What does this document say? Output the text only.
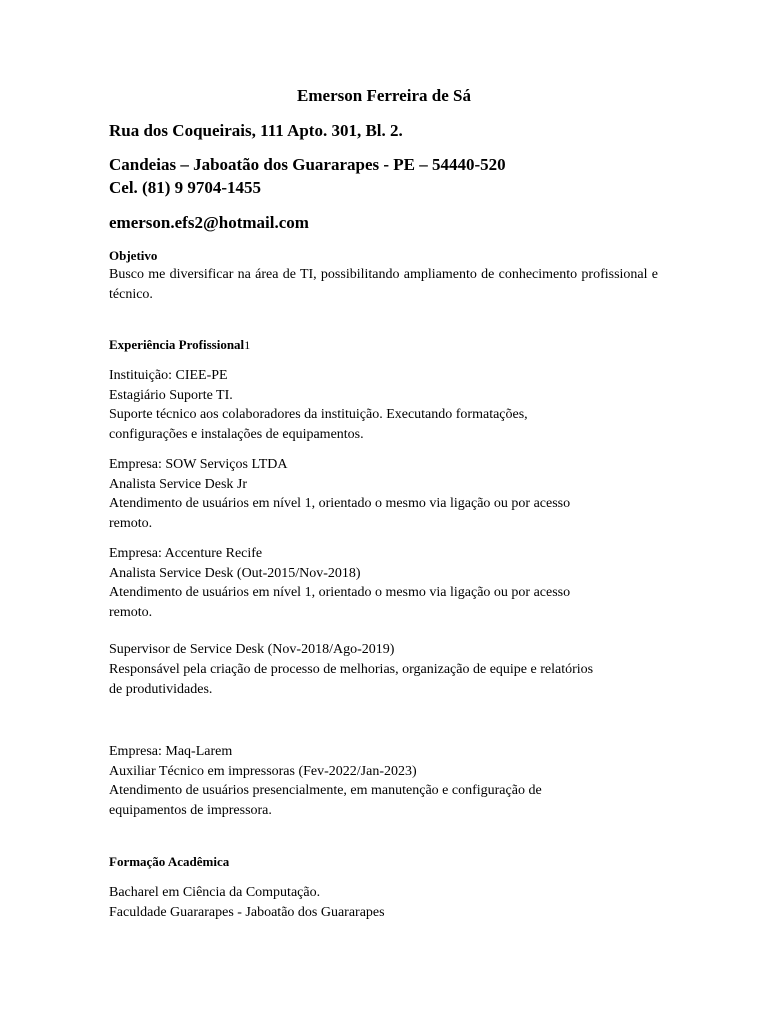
Emerson Ferreira de Sá
Rua dos Coqueirais, 111 Apto. 301, Bl. 2.
Candeias – Jaboatão dos Guararapes - PE – 54440-520
Cel. (81) 9 9704-1455
emerson.efs2@hotmail.com
Objetivo
Busco me diversificar na área de TI, possibilitando ampliamento de conhecimento profissional e técnico.
Experiência Profissional1
Instituição: CIEE-PE
Estagiário Suporte TI.
Suporte técnico aos colaboradores da instituição. Executando formatações,
configurações e instalações de equipamentos.
Empresa: SOW Serviços LTDA
Analista Service Desk Jr
Atendimento de usuários em nível 1, orientado o mesmo via ligação ou por acesso
remoto.
Empresa: Accenture Recife
Analista Service Desk (Out-2015/Nov-2018)
Atendimento de usuários em nível 1, orientado o mesmo via ligação ou por acesso
remoto.
Supervisor de Service Desk (Nov-2018/Ago-2019)
Responsável pela criação de processo de melhorias, organização de equipe e relatórios
de produtividades.
Empresa: Maq-Larem
Auxiliar Técnico em impressoras (Fev-2022/Jan-2023)
Atendimento de usuários presencialmente, em manutenção e configuração de
equipamentos de impressora.
Formação Acadêmica
Bacharel em Ciência da Computação.
Faculdade Guararapes - Jaboatão dos Guararapes
